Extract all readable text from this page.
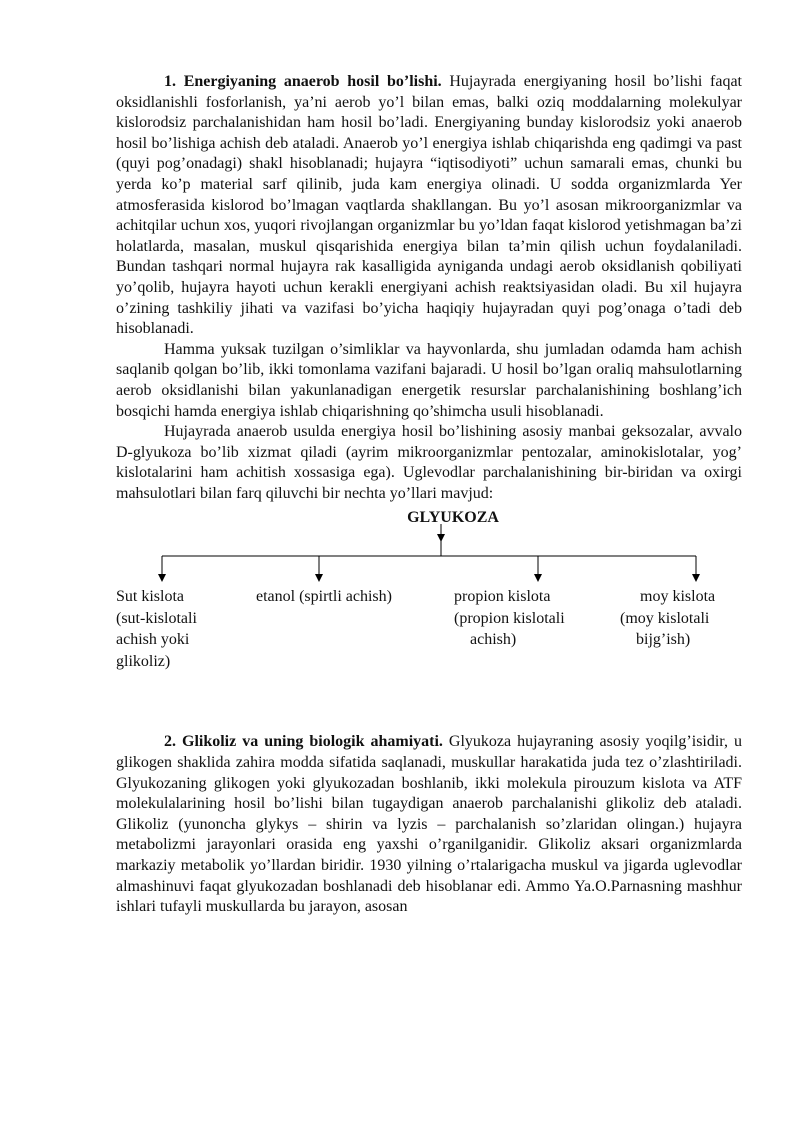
1. Energiyaning anaerob hosil bo’lishi. Hujayrada energiyaning hosil bo’lishi faqat oksidlanishli fosforlanish, ya’ni aerob yo’l bilan emas, balki oziq moddalarning molekulyar kislorodsiz parchalanishidan ham hosil bo’ladi. Energiyaning bunday kislorodsiz yoki anaerob hosil bo’lishiga achish deb ataladi. Anaerob yo’l energiya ishlab chiqarishda eng qadimgi va past (quyi pog’onadagi) shakl hisoblanadi; hujayra “iqtisodiyoti” uchun samarali emas, chunki bu yerda ko’p material sarf qilinib, juda kam energiya olinadi. U sodda organizmlarda Yer atmosferasida kislorod bo’lmagan vaqtlarda shakllangan. Bu yo’l asosan mikroorganizmlar va achitqilar uchun xos, yuqori rivojlangan organizmlar bu yo’ldan faqat kislorod yetishmagan ba’zi holatlarda, masalan, muskul qisqarishida energiya bilan ta’min qilish uchun foydalaniladi. Bundan tashqari normal hujayra rak kasalligida ayniganda undagi aerob oksidlanish qobiliyati yo’qolib, hujayra hayoti uchun kerakli energiyani achish reaktsiyasidan oladi. Bu xil hujayra o’zining tashkiliy jihati va vazifasi bo’yicha haqiqiy hujayradan quyi pog’onaga o’tadi deb hisoblanadi.

Hamma yuksak tuzilgan o’simliklar va hayvonlarda, shu jumladan odamda ham achish saqlanib qolgan bo’lib, ikki tomonlama vazifani bajaradi. U hosil bo’lgan oraliq mahsulotlarning aerob oksidlanishi bilan yakunlanadigan energetik resurslar parchalanishining boshlang’ich bosqichi hamda energiya ishlab chiqarishning qo’shimcha usuli hisoblanadi.

Hujayrada anaerob usulda energiya hosil bo’lishining asosiy manbai geksozalar, avvalo D-glyukoza bo’lib xizmat qiladi (ayrim mikroorganizmlar pentozalar, aminokislotalar, yog’ kislotalarini ham achitish xossasiga ega). Uglevodlar parchalanishining bir-biridan va oxirgi mahsulotlari bilan farq qiluvchi bir nechta yo’llari mavjud:

GLYUKOZA
Sut kislota
(sut-kislotali
achish yoki
glikoliz)
etanol (spirtli achish)	propion kislota
(propion kislotali
achish)
moy kislota
(moy kislotali
bijg’ish)

2. Glikoliz va uning biologik ahamiyati. Glyukoza hujayraning asosiy yoqilg’isidir, u glikogen shaklida zahira modda sifatida saqlanadi, muskullar harakatida juda tez o’zlashtiriladi. Glyukozaning glikogen yoki glyukozadan boshlanib, ikki molekula pirouzum kislota va ATF molekulalarining hosil bo’lishi bilan tugaydigan anaerob parchalanishi glikoliz deb ataladi. Glikoliz (yunoncha glykys – shirin va lyzis – parchalanish so’zlaridan olingan.) hujayra metabolizmi jarayonlari orasida eng yaxshi o’rganilganidir. Glikoliz aksari organizmlarda markaziy metabolik yo’llardan biridir. 1930 yilning o’rtalarigacha muskul va jigarda uglevodlar almashinuvi faqat glyukozadan boshlanadi deb hisoblanar edi. Ammo Ya.O.Parnasning mashhur ishlari tufayli muskullarda bu jarayon, asosan
